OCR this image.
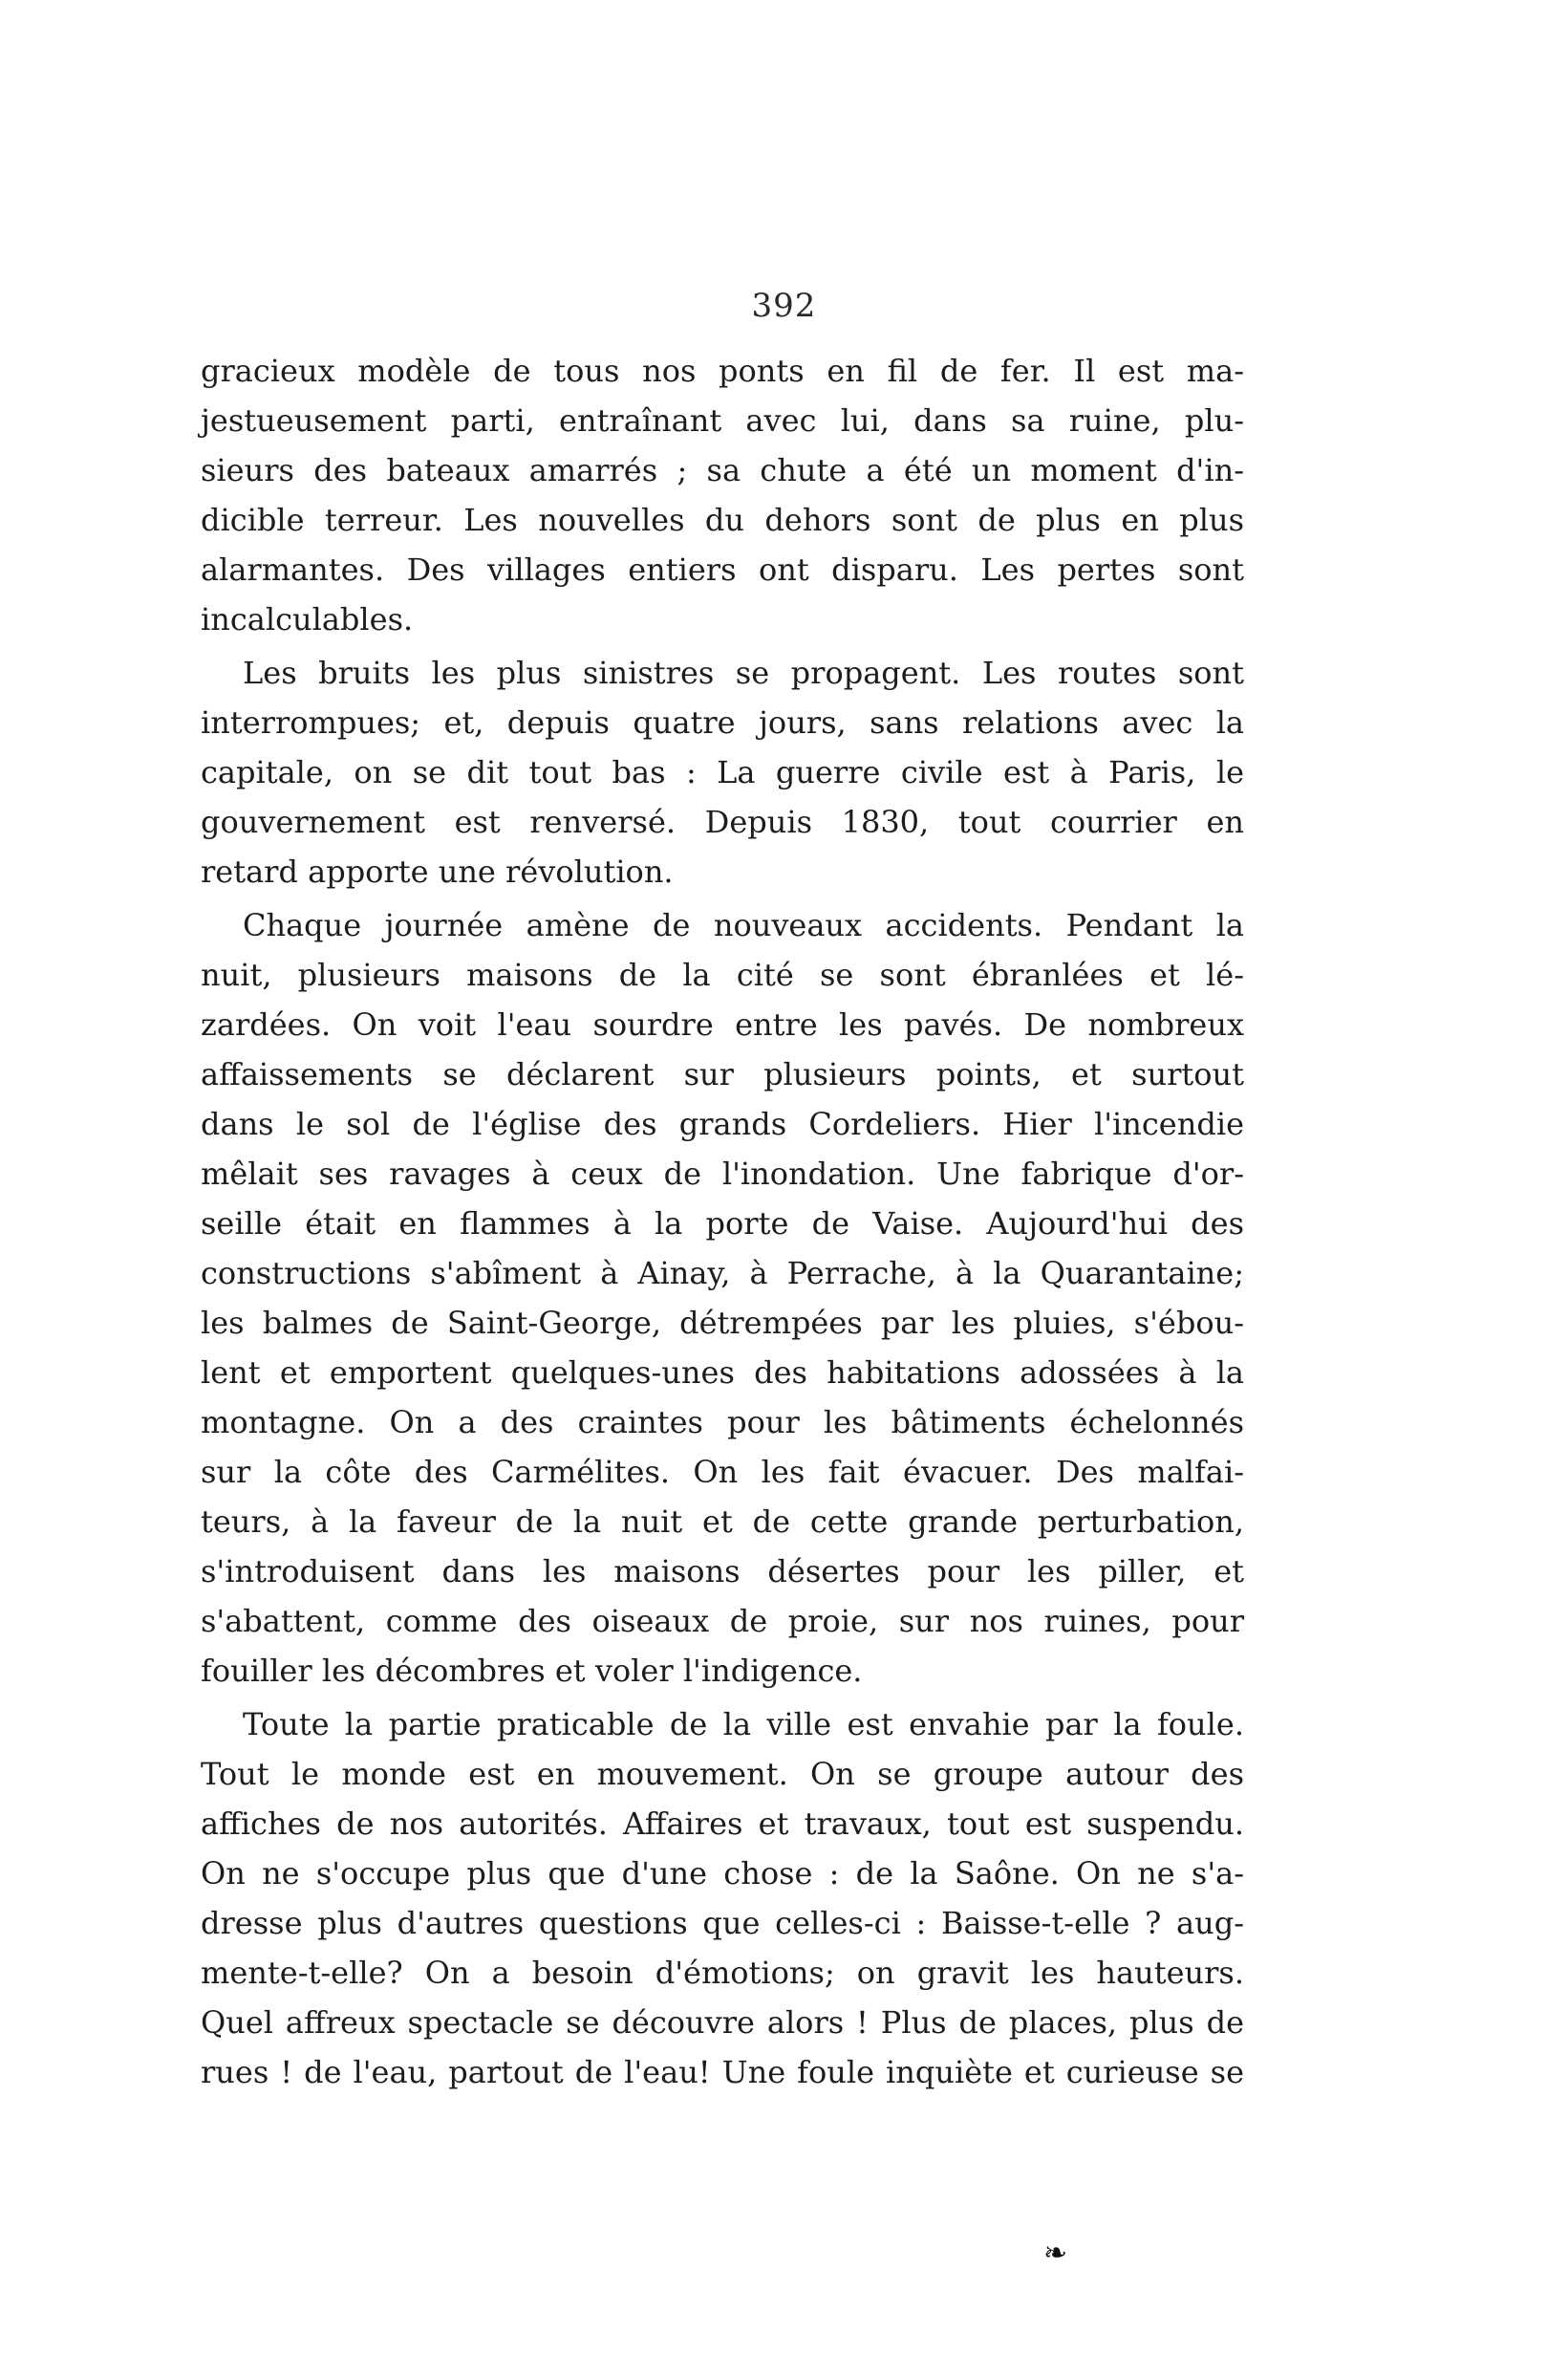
392
gracieux modèle de tous nos ponts en fil de fer. Il est ma-
jestueusement parti, entraînant avec lui, dans sa ruine, plu-
sieurs des bateaux amarrés ; sa chute a été un moment d'in-
dicible terreur. Les nouvelles du dehors sont de plus en plus
alarmantes. Des villages entiers ont disparu. Les pertes sont
incalculables.
Les bruits les plus sinistres se propagent. Les routes sont
interrompues; et, depuis quatre jours, sans relations avec la
capitale, on se dit tout bas : La guerre civile est à Paris, le
gouvernement est renversé. Depuis 1830, tout courrier en
retard apporte une révolution.
Chaque journée amène de nouveaux accidents. Pendant la
nuit, plusieurs maisons de la cité se sont ébranlées et lé-
zardées. On voit l'eau sourdre entre les pavés. De nombreux
affaissements se déclarent sur plusieurs points, et surtout
dans le sol de l'église des grands Cordeliers. Hier l'incendie
mêlait ses ravages à ceux de l'inondation. Une fabrique d'or-
seille était en flammes à la porte de Vaise. Aujourd'hui des
constructions s'abîment à Ainay, à Perrache, à la Quarantaine;
les balmes de Saint-George, détrempées par les pluies, s'ébou-
lent et emportent quelques-unes des habitations adossées à la
montagne. On a des craintes pour les bâtiments échelonnés
sur la côte des Carmélites. On les fait évacuer. Des malfai-
teurs, à la faveur de la nuit et de cette grande perturbation,
s'introduisent dans les maisons désertes pour les piller, et
s'abattent, comme des oiseaux de proie, sur nos ruines, pour
fouiller les décombres et voler l'indigence.
Toute la partie praticable de la ville est envahie par la foule.
Tout le monde est en mouvement. On se groupe autour des
affiches de nos autorités. Affaires et travaux, tout est suspendu.
On ne s'occupe plus que d'une chose : de la Saône. On ne s'a-
dresse plus d'autres questions que celles-ci : Baisse-t-elle ? aug-
mente-t-elle? On a besoin d'émotions; on gravit les hauteurs.
Quel affreux spectacle se découvre alors ! Plus de places, plus de
rues ! de l'eau, partout de l'eau! Une foule inquiète et curieuse se
❧
